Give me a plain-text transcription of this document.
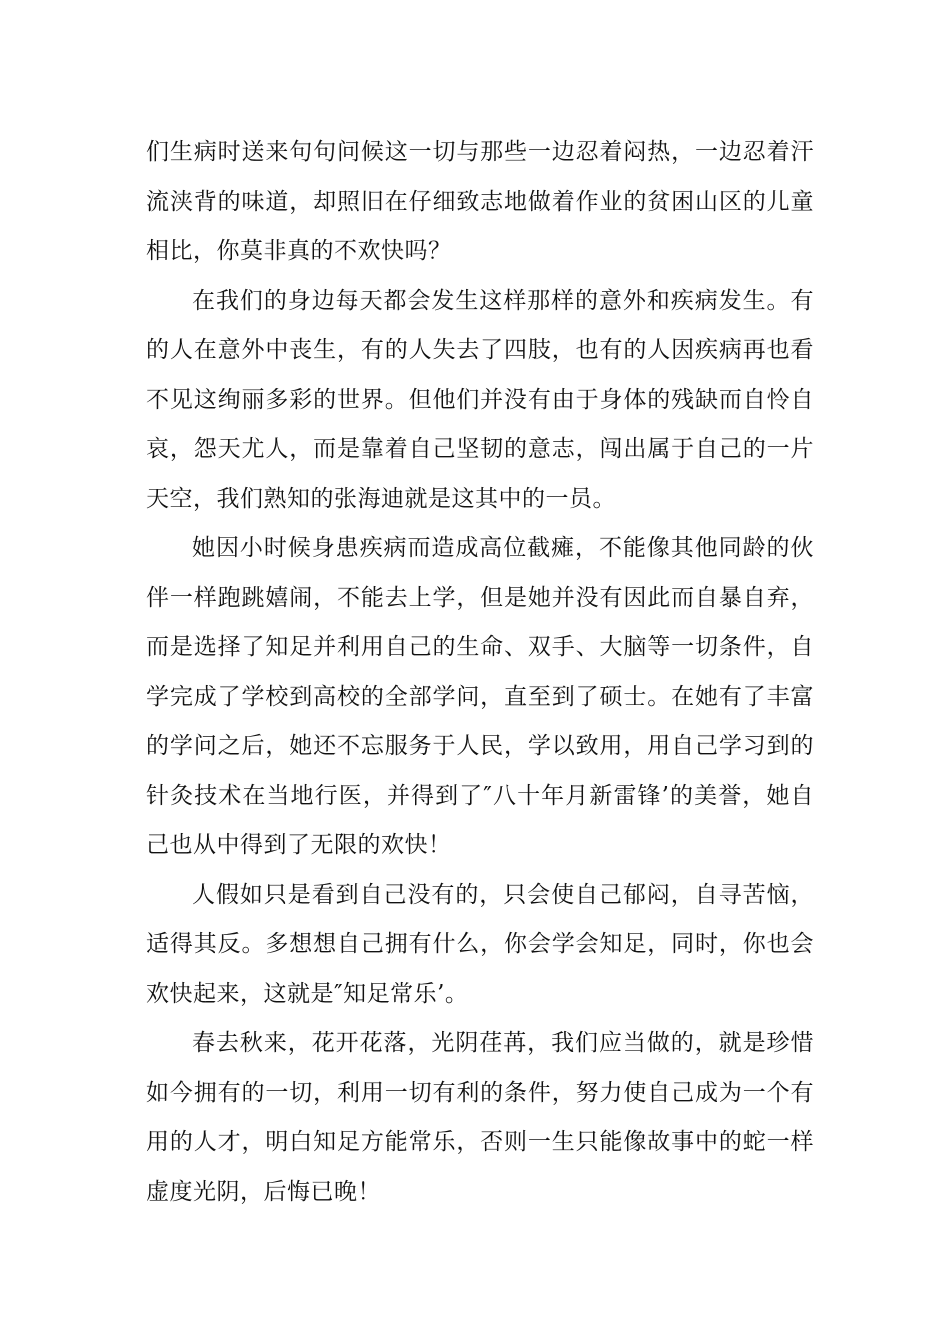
们生病时送来句句问候这一切与那些一边忍着闷热，一边忍着汗流浃背的味道，却照旧在仔细致志地做着作业的贫困山区的儿童相比，你莫非真的不欢快吗？

在我们的身边每天都会发生这样那样的意外和疾病发生。有的人在意外中丧生，有的人失去了四肢，也有的人因疾病再也看不见这绚丽多彩的世界。但他们并没有由于身体的残缺而自怜自哀，怨天尤人，而是靠着自己坚韧的意志，闯出属于自己的一片天空，我们熟知的张海迪就是这其中的一员。

她因小时候身患疾病而造成高位截瘫，不能像其他同龄的伙伴一样跑跳嬉闹，不能去上学，但是她并没有因此而自暴自弃，而是选择了知足并利用自己的生命、双手、大脑等一切条件，自学完成了学校到高校的全部学问，直至到了硕士。在她有了丰富的学问之后，她还不忘服务于人民，学以致用，用自己学习到的针灸技术在当地行医，并得到了″八十年月新雷锋’的美誉，她自己也从中得到了无限的欢快！

人假如只是看到自己没有的，只会使自己郁闷，自寻苦恼，适得其反。多想想自己拥有什么，你会学会知足，同时，你也会欢快起来，这就是″知足常乐’。

春去秋来，花开花落，光阴荏苒，我们应当做的，就是珍惜如今拥有的一切，利用一切有利的条件，努力使自己成为一个有用的人才，明白知足方能常乐，否则一生只能像故事中的蛇一样虚度光阴，后悔已晚！
